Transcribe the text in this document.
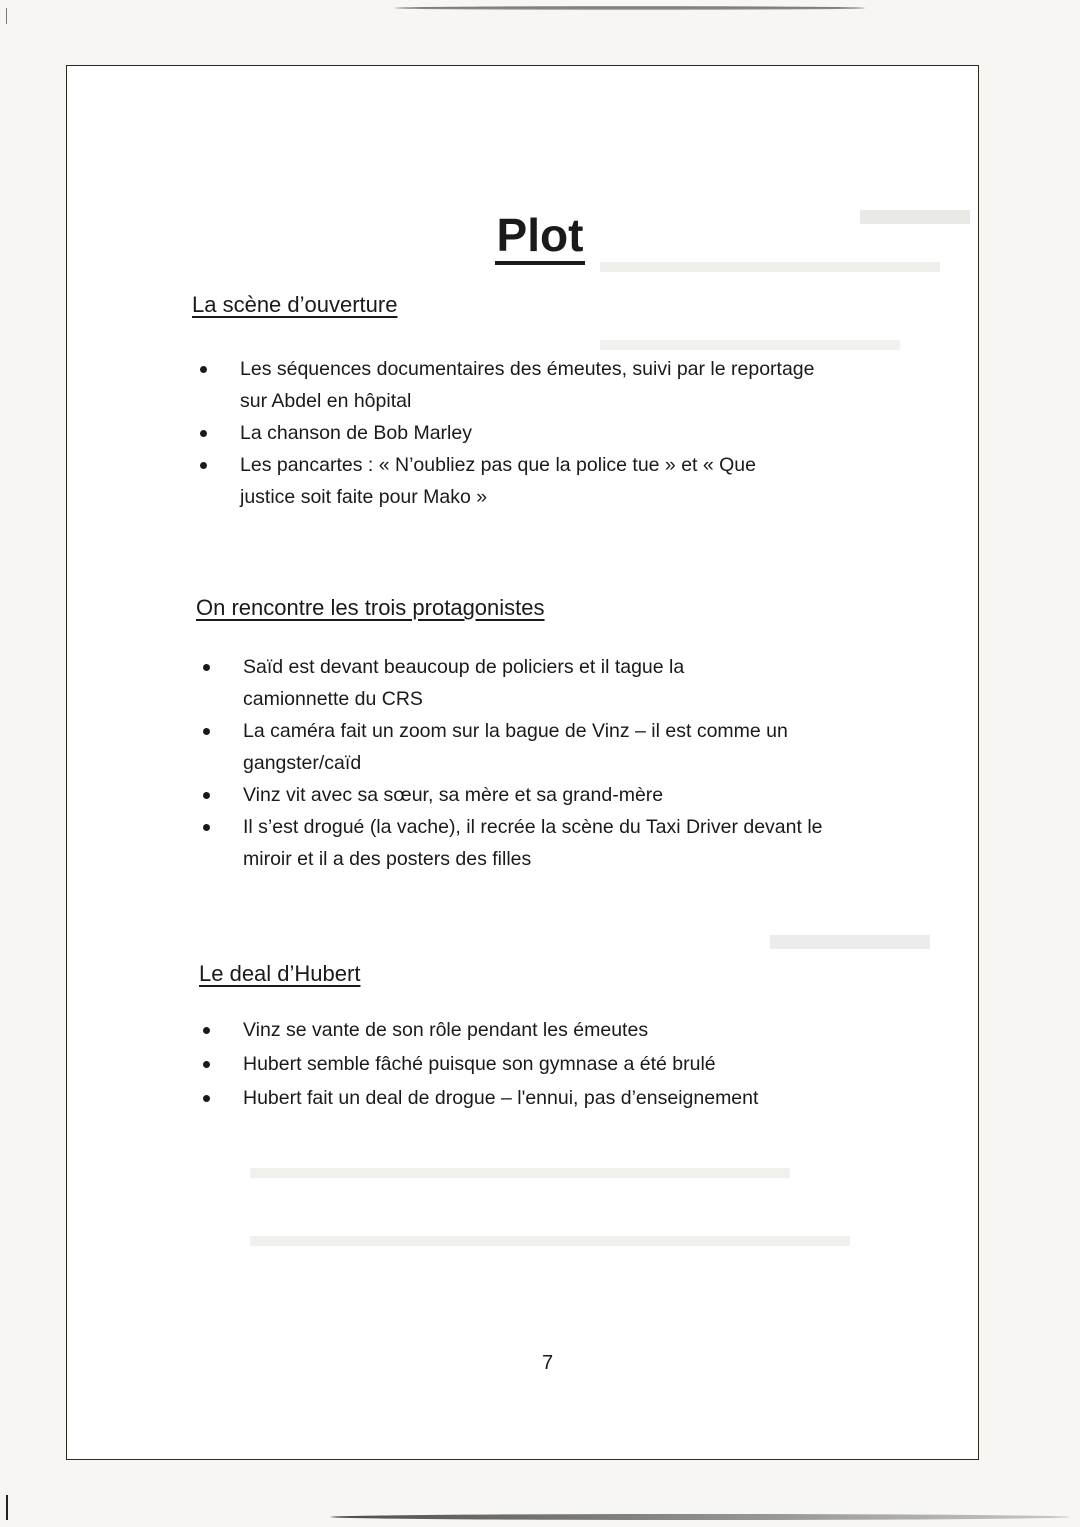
Plot
La scène d’ouverture
Les séquences documentaires des émeutes, suivi par le reportage sur Abdel en hôpital
La chanson de Bob Marley
Les pancartes : « N’oubliez pas que la police tue » et « Que justice soit faite pour Mako »
On rencontre les trois protagonistes
Saïd est devant beaucoup de policiers et il tague la camionnette du CRS
La caméra fait un zoom sur la bague de Vinz – il est comme un gangster/caïd
Vinz vit avec sa sœur, sa mère et sa grand-mère
Il s’est drogué (la vache), il recrée la scène du Taxi Driver devant le miroir et il a des posters des filles
Le deal d’Hubert
Vinz se vante de son rôle pendant les émeutes
Hubert semble fâché puisque son gymnase a été brulé
Hubert fait un deal de drogue – l'ennui, pas d’enseignement
7
